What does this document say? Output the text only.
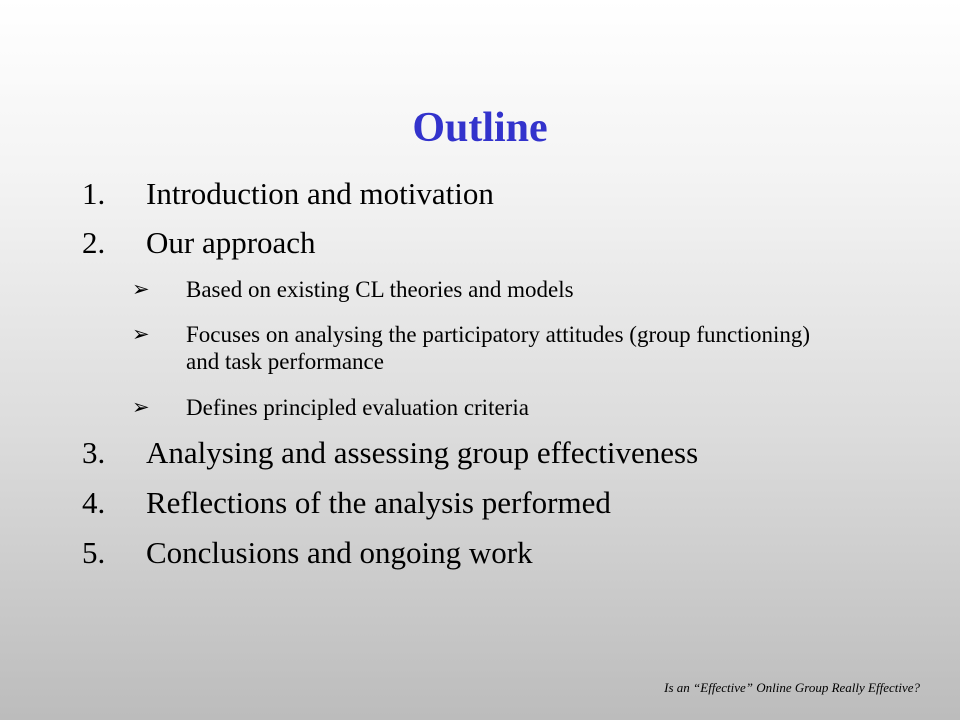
Outline
1. Introduction and motivation
2. Our approach
➢ Based on existing CL theories and models
➢ Focuses on analysing the participatory attitudes (group functioning) and task performance
➢ Defines principled evaluation criteria
3. Analysing and assessing group effectiveness
4. Reflections of the analysis performed
5. Conclusions and ongoing work
Is an “Effective” Online Group Really Effective?
